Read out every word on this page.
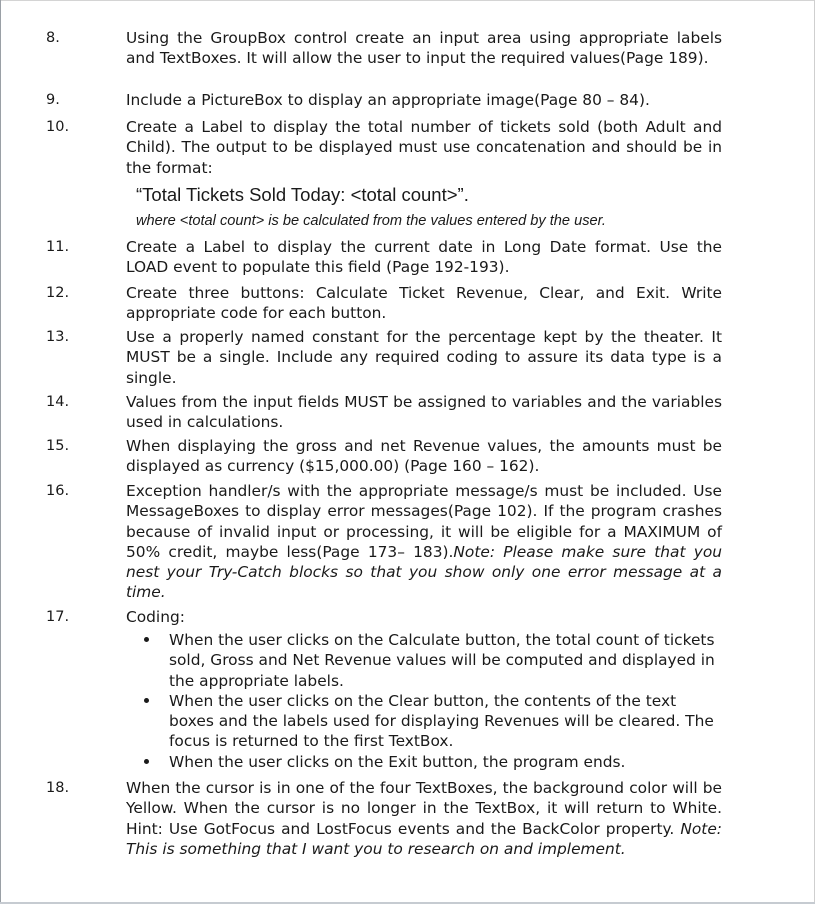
8.	Using the GroupBox control create an input area using appropriate labels and TextBoxes. It will allow the user to input the required values(Page 189).
9.	Include a PictureBox to display an appropriate image(Page 80 – 84).
10.	Create a Label to display the total number of tickets sold (both Adult and Child). The output to be displayed must use concatenation and should be in the format:
“Total Tickets Sold Today: <total count>”.
where <total count> is be calculated from the values entered by the user.
11.	Create a Label to display the current date in Long Date format. Use the LOAD event to populate this field (Page 192-193).
12.	Create three buttons: Calculate Ticket Revenue, Clear, and Exit. Write appropriate code for each button.
13.	Use a properly named constant for the percentage kept by the theater. It MUST be a single. Include any required coding to assure its data type is a single.
14.	Values from the input fields MUST be assigned to variables and the variables used in calculations.
15.	When displaying the gross and net Revenue values, the amounts must be displayed as currency ($15,000.00) (Page 160 – 162).
16.	Exception handler/s with the appropriate message/s must be included. Use MessageBoxes to display error messages(Page 102). If the program crashes because of invalid input or processing, it will be eligible for a MAXIMUM of 50% credit, maybe less(Page 173– 183).Note: Please make sure that you nest your Try-Catch blocks so that you show only one error message at a time.
17.	Coding:
When the user clicks on the Calculate button, the total count of tickets sold, Gross and Net Revenue values will be computed and displayed in the appropriate labels.
When the user clicks on the Clear button, the contents of the text boxes and the labels used for displaying Revenues will be cleared. The focus is returned to the first TextBox.
When the user clicks on the Exit button, the program ends.
18.	When the cursor is in one of the four TextBoxes, the background color will be Yellow. When the cursor is no longer in the TextBox, it will return to White. Hint: Use GotFocus and LostFocus events and the BackColor property. Note: This is something that I want you to research on and implement.
